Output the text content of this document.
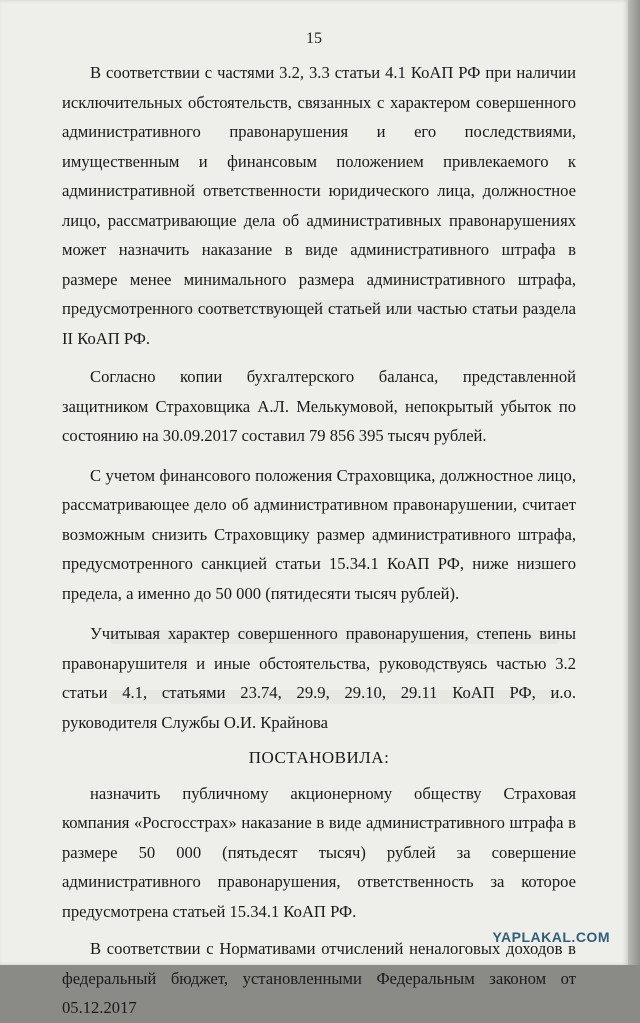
15

В соответствии с частями 3.2, 3.3 статьи 4.1 КоАП РФ при наличии исключительных обстоятельств, связанных с характером совершенного административного правонарушения и его последствиями, имущественным и финансовым положением привлекаемого к административной ответственности юридического лица, должностное лицо, рассматривающие дела об административных правонарушениях может назначить наказание в виде административного штрафа в размере менее минимального размера административного штрафа, предусмотренного соответствующей статьей или частью статьи раздела II КоАП РФ.

Согласно копии бухгалтерского баланса, представленной защитником Страховщика А.Л. Мелькумовой, непокрытый убыток по состоянию на 30.09.2017 составил 79 856 395 тысяч рублей.

С учетом финансового положения Страховщика, должностное лицо, рассматривающее дело об административном правонарушении, считает возможным снизить Страховщику размер административного штрафа, предусмотренного санкцией статьи 15.34.1 КоАП РФ, ниже низшего предела, а именно до 50 000 (пятидесяти тысяч рублей).

Учитывая характер совершенного правонарушения, степень вины правонарушителя и иные обстоятельства, руководствуясь частью 3.2 статьи 4.1, статьями 23.74, 29.9, 29.10, 29.11 КоАП РФ, и.о. руководителя Службы О.И. Крайнова

ПОСТАНОВИЛА:

назначить публичному акционерному обществу Страховая компания «Росгосстрах» наказание в виде административного штрафа в размере 50 000 (пятьдесят тысяч) рублей за совершение административного правонарушения, ответственность за которое предусмотрена статьей 15.34.1 КоАП РФ.

В соответствии с Нормативами отчислений неналоговых доходов в федеральный бюджет, установленными Федеральным законом от 05.12.2017

YAPLAKAL.COM
